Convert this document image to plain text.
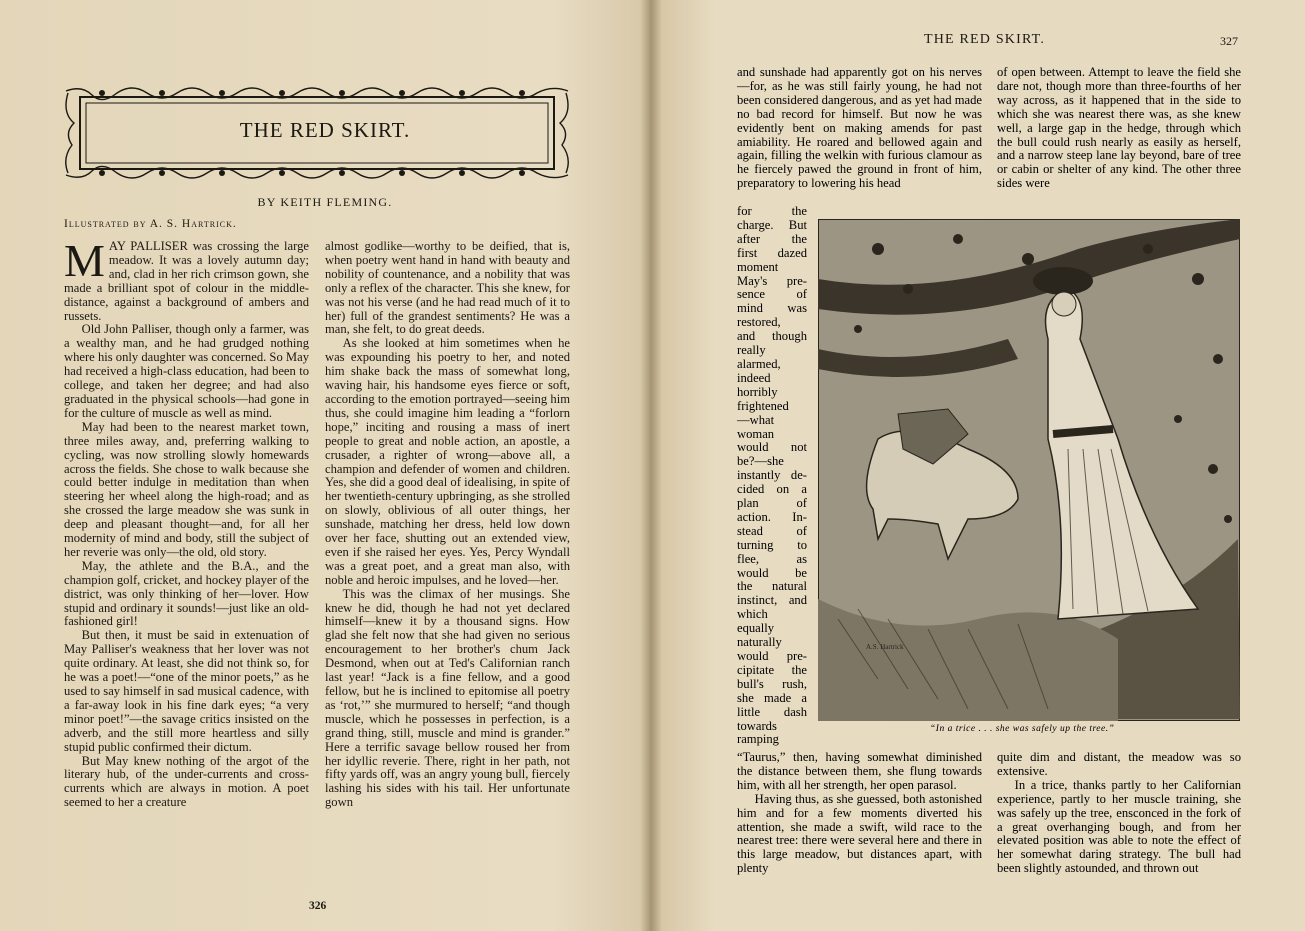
THE RED SKIRT.
BY KEITH FLEMING.
Illustrated by A. S. Hartrick.

MAY PALLISER was crossing the large meadow. It was a lovely autumn day; and, clad in her rich crimson gown, she made a brilliant spot of colour in the middle-distance, against a background of ambers and russets.

Old John Palliser, though only a farmer, was a wealthy man, and he had grudged nothing where his only daughter was concerned. So May had received a high-class education, had been to college, and taken her degree; and had also graduated in the physical schools—had gone in for the culture of muscle as well as mind.

May had been to the nearest market town, three miles away, and, preferring walking to cycling, was now strolling slowly homewards across the fields. She chose to walk because she could better indulge in meditation than when steering her wheel along the high-road; and as she crossed the large meadow she was sunk in deep and pleasant thought—and, for all her modernity of mind and body, still the subject of her reverie was only—the old, old story.

May, the athlete and the B.A., and the champion golf, cricket, and hockey player of the district, was only thinking of her—lover. How stupid and ordinary it sounds!—just like an old-fashioned girl!

But then, it must be said in extenuation of May Palliser's weakness that her lover was not quite ordinary. At least, she did not think so, for he was a poet!—“one of the minor poets,” as he used to say himself in sad musical cadence, with a far-away look in his fine dark eyes; “a very minor poet!”—the savage critics insisted on the adverb, and the still more heartless and silly stupid public confirmed their dictum.

But May knew nothing of the argot of the literary hub, of the under-currents and cross-currents which are always in motion. A poet seemed to her a creature

almost godlike—worthy to be deified, that is, when poetry went hand in hand with beauty and nobility of countenance, and a nobility that was only a reflex of the character. This she knew, for was not his verse (and he had read much of it to her) full of the grandest sentiments? He was a man, she felt, to do great deeds.

As she looked at him sometimes when he was expounding his poetry to her, and noted him shake back the mass of somewhat long, waving hair, his handsome eyes fierce or soft, according to the emotion portrayed—seeing him thus, she could imagine him leading a “forlorn hope,” inciting and rousing a mass of inert people to great and noble action, an apostle, a crusader, a righter of wrong—above all, a champion and defender of women and children. Yes, she did a good deal of idealising, in spite of her twentieth-century upbringing, as she strolled on slowly, oblivious of all outer things, her sunshade, matching her dress, held low down over her face, shutting out an extended view, even if she raised her eyes. Yes, Percy Wyndall was a great poet, and a great man also, with noble and heroic impulses, and he loved—her.

This was the climax of her musings. She knew he did, though he had not yet declared himself—knew it by a thousand signs. How glad she felt now that she had given no serious encouragement to her brother's chum Jack Desmond, when out at Ted's Californian ranch last year! “Jack is a fine fellow, and a good fellow, but he is inclined to epitomise all poetry as ‘rot,’” she murmured to herself; “and though muscle, which he possesses in perfection, is a grand thing, still, muscle and mind is grander.” Here a terrific savage bellow roused her from her idyllic reverie. There, right in her path, not fifty yards off, was an angry young bull, fiercely lashing his sides with his tail. Her unfortunate gown

326
THE RED SKIRT.	327

and sunshade had apparently got on his nerves—for, as he was still fairly young, he had not been considered dangerous, and as yet had made no bad record for himself. But now he was evidently bent on making amends for past amiability. He roared and bellowed again and again, filling the welkin with furious clamour as he fiercely pawed the ground in front of him, preparatory to lowering his head

of open between. Attempt to leave the field she dare not, though more than three-fourths of her way across, as it happened that in the side to which she was nearest there was, as she knew well, a large gap in the hedge, through which the bull could rush nearly as easily as herself, and a narrow steep lane lay beyond, bare of tree or cabin or shelter of any kind. The other three sides were

for the
charge. But
after the
first dazed
moment
May's pre-
sence of
mind was
restored,
and though
really
alarmed,
indeed
horribly
frightened
—what
woman
would not
be?—she
instantly de-
cided on a
plan of
action. In-
stead of
turning to
flee, as
would be
the natural
instinct, and
which
equally
naturally
would pre-
cipitate the
bull's rush,
she made a
little dash
towards
ramping
A.S. Hartrick
“In a trice . . . she was safely up the tree.”

“Taurus,” then, having somewhat diminished the distance between them, she flung towards him, with all her strength, her open parasol.

Having thus, as she guessed, both astonished him and for a few moments diverted his attention, she made a swift, wild race to the nearest tree: there were several here and there in this large meadow, but distances apart, with plenty

quite dim and distant, the meadow was so extensive.

In a trice, thanks partly to her Californian experience, partly to her muscle training, she was safely up the tree, ensconced in the fork of a great overhanging bough, and from her elevated position was able to note the effect of her somewhat daring strategy. The bull had been slightly astounded, and thrown out
